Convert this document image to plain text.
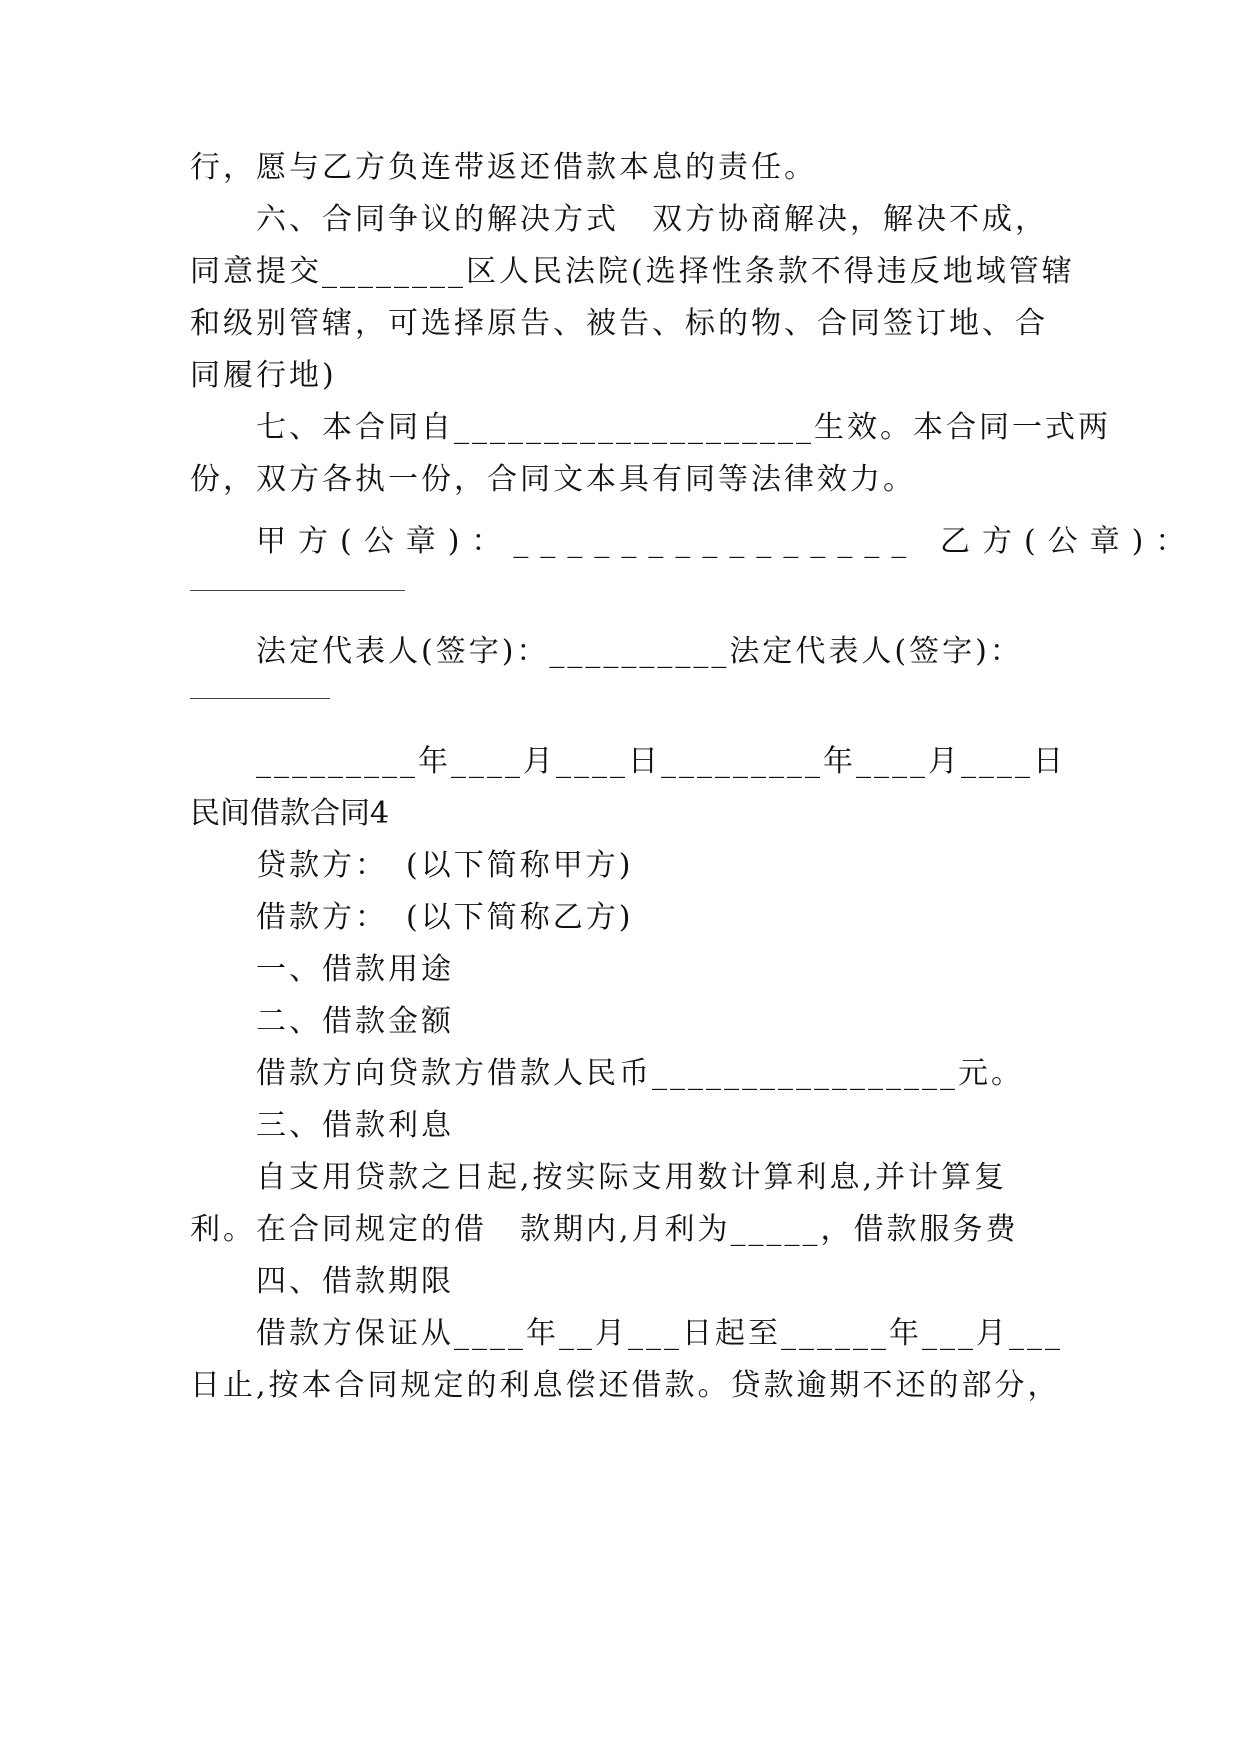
行，愿与乙方负连带返还借款本息的责任。
六、合同争议的解决方式　双方协商解决，解决不成，
同意提交________区人民法院(选择性条款不得违反地域管辖
和级别管辖，可选择原告、被告、标的物、合同签订地、合
同履行地)
七、本合同自____________________生效。本合同一式两
份，双方各执一份，合同文本具有同等法律效力。
甲方(公章)：_______________ 乙方(公章)：
法定代表人(签字)：__________法定代表人(签字)：
_________年____月____日_________年____月____日
民间借款合同4
贷款方：　(以下简称甲方)
借款方：　(以下简称乙方)
一、借款用途
二、借款金额
借款方向贷款方借款人民币_________________元。
三、借款利息
自支用贷款之日起,按实际支用数计算利息,并计算复
利。在合同规定的借　款期内,月利为_____，借款服务费
四、借款期限
借款方保证从____年__月___日起至______年___月___
日止,按本合同规定的利息偿还借款。贷款逾期不还的部分，
